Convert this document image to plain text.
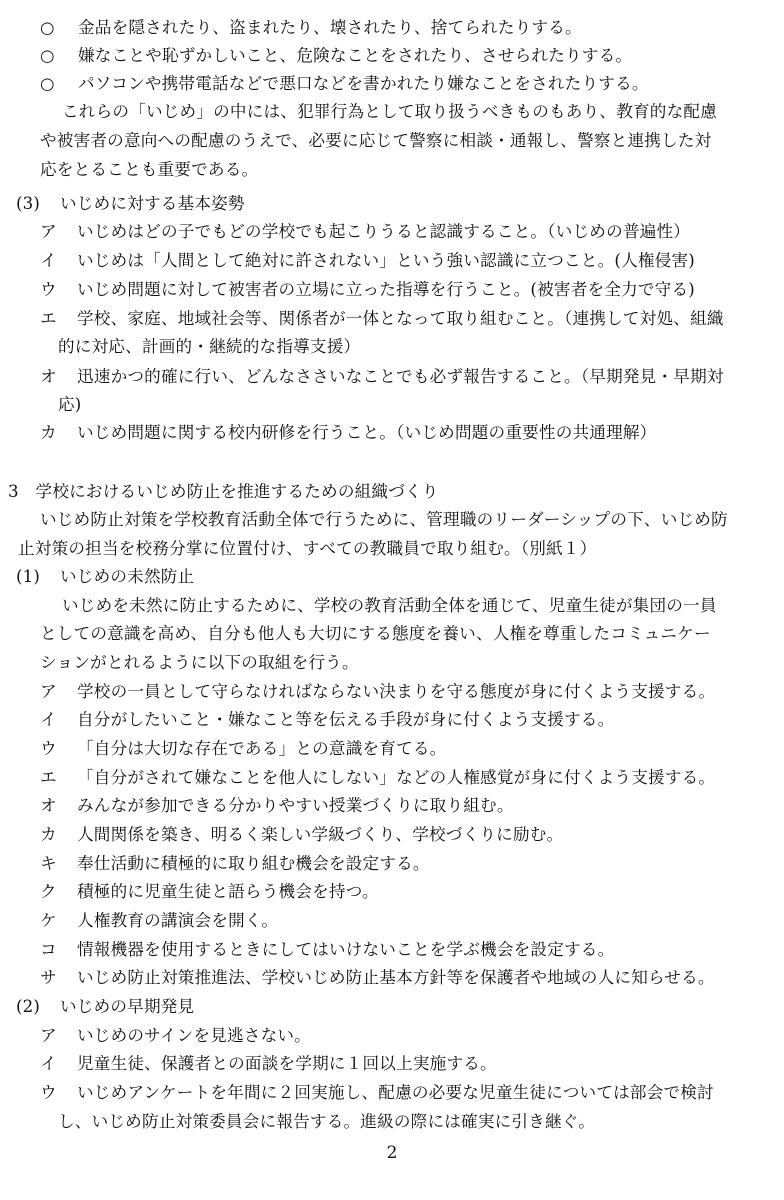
○ 金品を隠されたり、盗まれたり、壊されたり、捨てられたりする。
○ 嫌なことや恥ずかしいこと、危険なことをされたり、させられたりする。
○ パソコンや携帯電話などで悪口などを書かれたり嫌なことをされたりする。
これらの「いじめ」の中には、犯罪行為として取り扱うべきものもあり、教育的な配慮
や被害者の意向への配慮のうえで、必要に応じて警察に相談・通報し、警察と連携した対
応をとることも重要である。
(3) いじめに対する基本姿勢
ア いじめはどの子でもどの学校でも起こりうると認識すること。（いじめの普遍性）
イ いじめは「人間として絶対に許されない」という強い認識に立つこと。(人権侵害)
ウ いじめ問題に対して被害者の立場に立った指導を行うこと。(被害者を全力で守る)
エ 学校、家庭、地域社会等、関係者が一体となって取り組むこと。（連携して対処、組織
的に対応、計画的・継続的な指導支援）
オ 迅速かつ的確に行い、どんなささいなことでも必ず報告すること。（早期発見・早期対
応)
カ いじめ問題に関する校内研修を行うこと。（いじめ問題の重要性の共通理解）
3　学校におけるいじめ防止を推進するための組織づくり
いじめ防止対策を学校教育活動全体で行うために、管理職のリーダーシップの下、いじめ防
止対策の担当を校務分掌に位置付け、すべての教職員で取り組む。（別紙１）
(1) いじめの未然防止
いじめを未然に防止するために、学校の教育活動全体を通じて、児童生徒が集団の一員
としての意識を高め、自分も他人も大切にする態度を養い、人権を尊重したコミュニケー
ションがとれるように以下の取組を行う。
ア 学校の一員として守らなければならない決まりを守る態度が身に付くよう支援する。
イ 自分がしたいこと・嫌なこと等を伝える手段が身に付くよう支援する。
ウ 「自分は大切な存在である」との意識を育てる。
エ 「自分がされて嫌なことを他人にしない」などの人権感覚が身に付くよう支援する。
オ みんなが参加できる分かりやすい授業づくりに取り組む。
カ 人間関係を築き、明るく楽しい学級づくり、学校づくりに励む。
キ 奉仕活動に積極的に取り組む機会を設定する。
ク 積極的に児童生徒と語らう機会を持つ。
ケ 人権教育の講演会を開く。
コ 情報機器を使用するときにしてはいけないことを学ぶ機会を設定する。
サ いじめ防止対策推進法、学校いじめ防止基本方針等を保護者や地域の人に知らせる。
(2) いじめの早期発見
ア いじめのサインを見逃さない。
イ 児童生徒、保護者との面談を学期に１回以上実施する。
ウ いじめアンケートを年間に２回実施し、配慮の必要な児童生徒については部会で検討
し、いじめ防止対策委員会に報告する。進級の際には確実に引き継ぐ。
2
